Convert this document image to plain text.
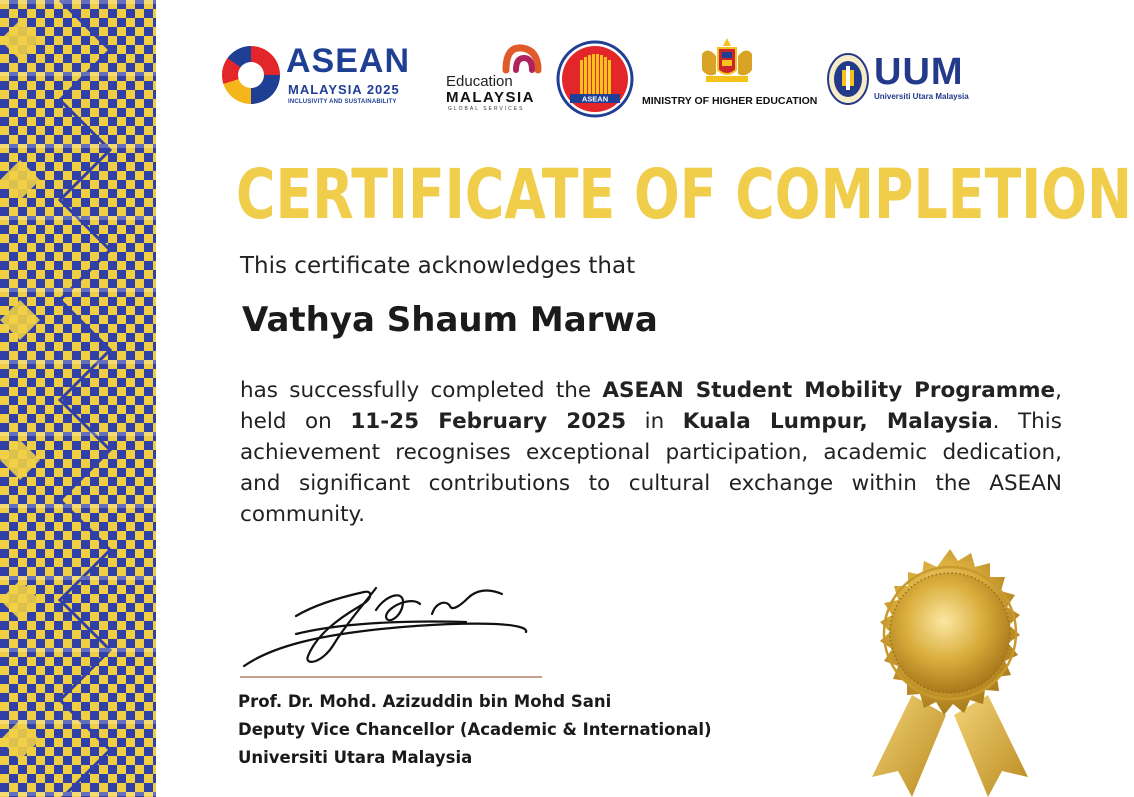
ASEAN
MALAYSIA 2025
INCLUSIVITY AND SUSTAINABILITY
Education
MALAYSIA
GLOBAL SERVICES
ASEAN	MINISTRY OF HIGHER EDUCATION
UUM
Universiti Utara Malaysia
CERTIFICATE OF COMPLETION
This certificate acknowledges that
Vathya Shaum Marwa
has successfully completed the ASEAN Student Mobility Programme, held on 11-25 February 2025 in Kuala Lumpur, Malaysia. This achievement recognises exceptional participation, academic dedication, and significant contributions to cultural exchange within the ASEAN community.
Prof. Dr. Mohd. Azizuddin bin Mohd Sani
Deputy Vice Chancellor (Academic & International)
Universiti Utara Malaysia
